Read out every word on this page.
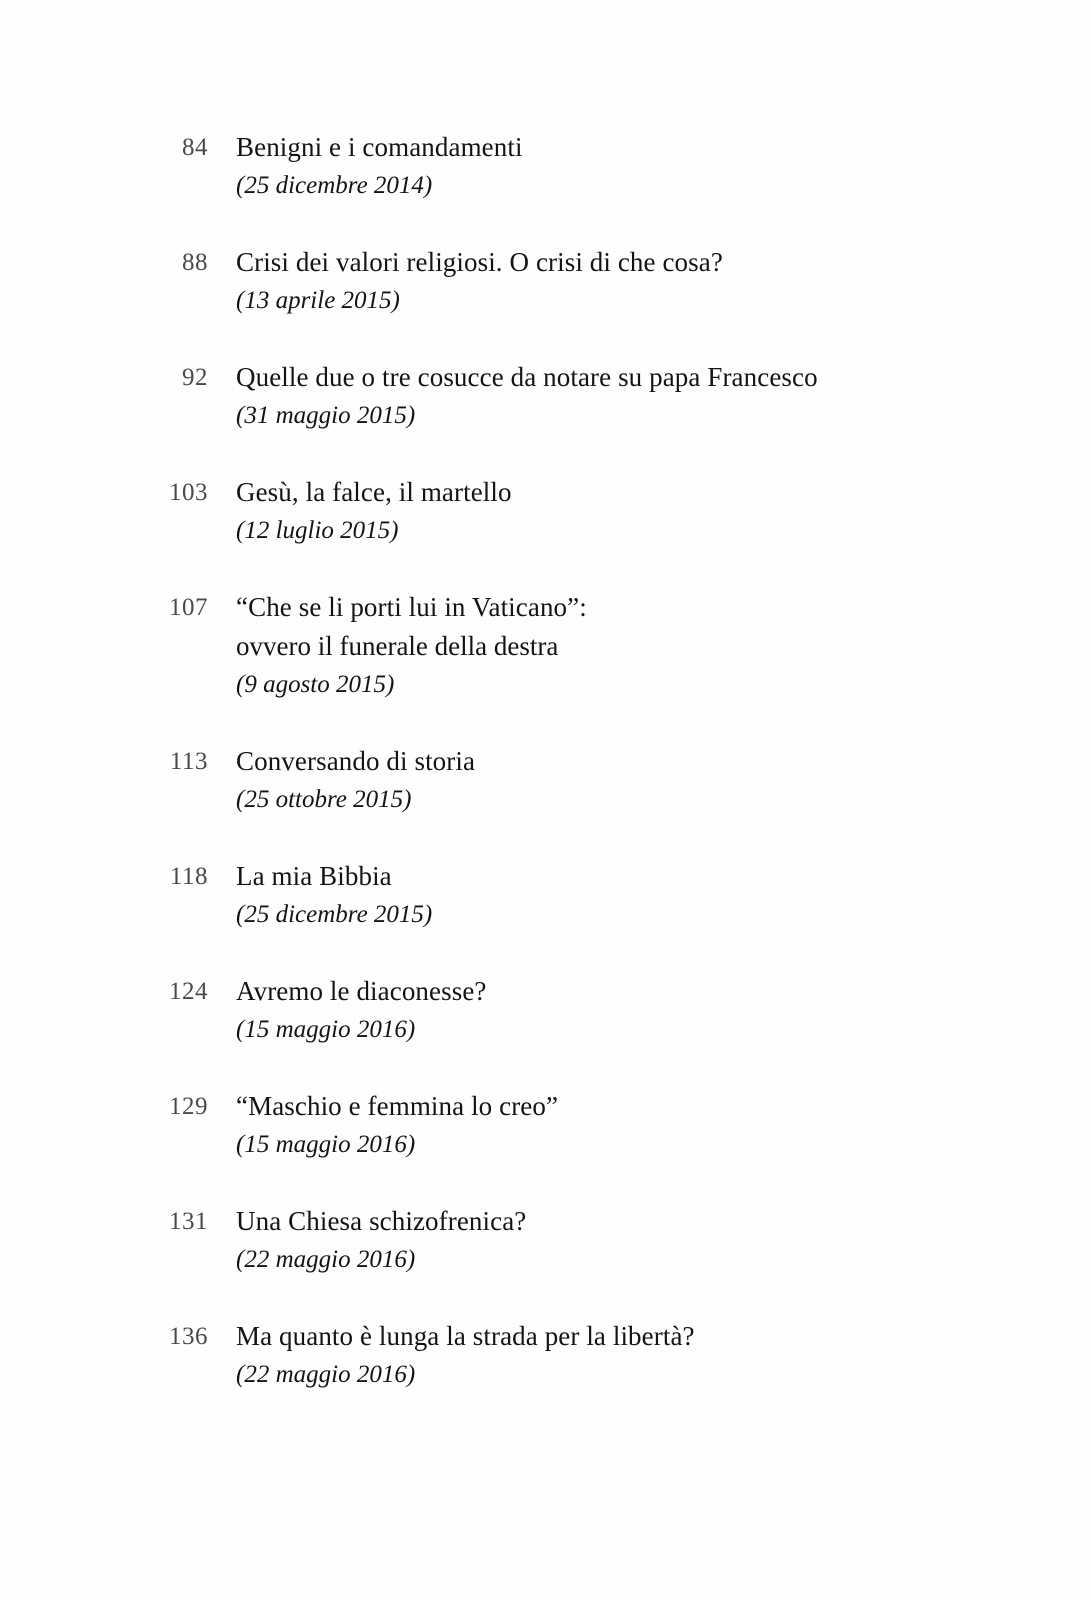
84	Benigni e i comandamenti
(25 dicembre 2014)
88	Crisi dei valori religiosi. O crisi di che cosa?
(13 aprile 2015)
92	Quelle due o tre cosucce da notare su papa Francesco
(31 maggio 2015)
103	Gesù, la falce, il martello
(12 luglio 2015)
107	“Che se li porti lui in Vaticano”:
ovvero il funerale della destra
(9 agosto 2015)
113	Conversando di storia
(25 ottobre 2015)
118	La mia Bibbia
(25 dicembre 2015)
124	Avremo le diaconesse?
(15 maggio 2016)
129	“Maschio e femmina lo creo”
(15 maggio 2016)
131	Una Chiesa schizofrenica?
(22 maggio 2016)
136	Ma quanto è lunga la strada per la libertà?
(22 maggio 2016)
